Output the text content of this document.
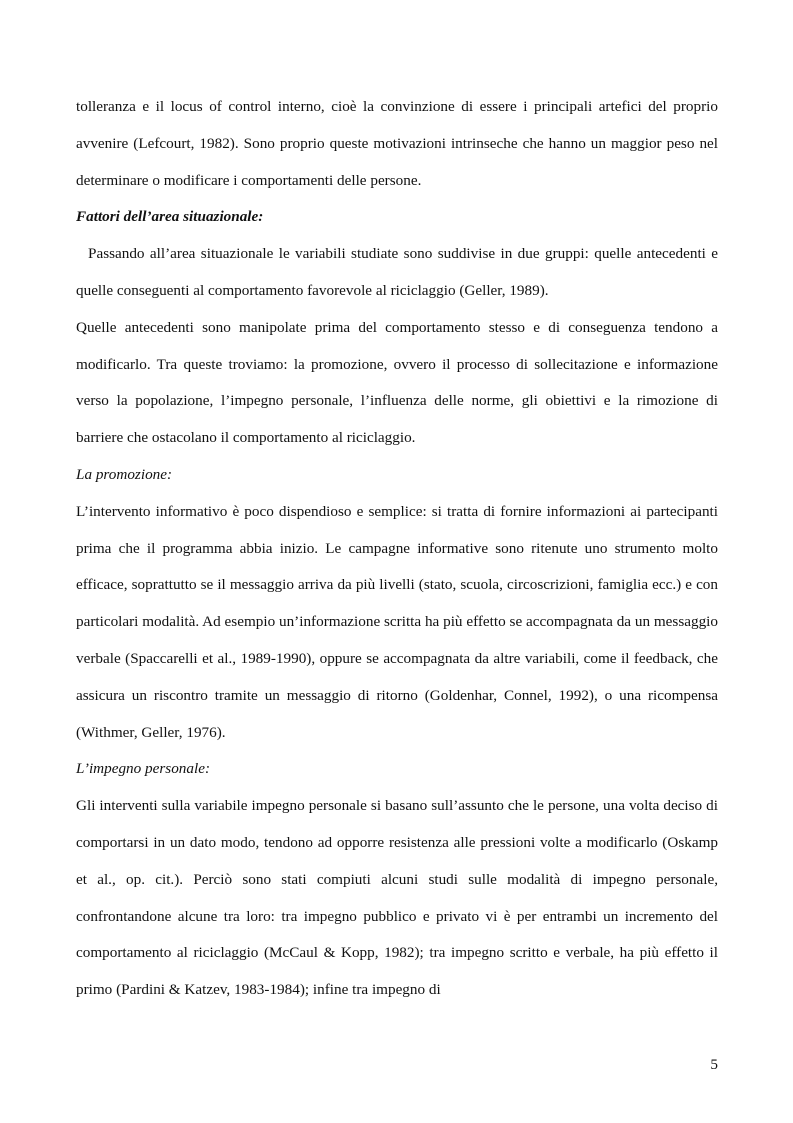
tolleranza e il locus of control interno, cioè la convinzione di essere i principali artefici del proprio avvenire (Lefcourt, 1982). Sono proprio queste motivazioni intrinseche che hanno un maggior peso nel determinare o modificare i comportamenti delle persone.

Fattori dell’area situazionale:

Passando all’area situazionale le variabili studiate sono suddivise in due gruppi: quelle antecedenti e quelle conseguenti al comportamento favorevole al riciclaggio (Geller, 1989).

Quelle antecedenti sono manipolate prima del comportamento stesso e di conseguenza tendono a modificarlo. Tra queste troviamo: la promozione, ovvero il processo di sollecitazione e informazione verso la popolazione, l’impegno personale, l’influenza delle norme, gli obiettivi e la rimozione di barriere che ostacolano il comportamento al riciclaggio.

La promozione:

L’intervento informativo è poco dispendioso e semplice: si tratta di fornire informazioni ai partecipanti prima che il programma abbia inizio. Le campagne informative sono ritenute uno strumento molto efficace, soprattutto se il messaggio arriva da più livelli (stato, scuola, circoscrizioni, famiglia ecc.) e con particolari modalità. Ad esempio un’informazione scritta ha più effetto se accompagnata da un messaggio verbale (Spaccarelli et al., 1989-1990), oppure se accompagnata da altre variabili, come il feedback, che assicura un riscontro tramite un messaggio di ritorno (Goldenhar, Connel, 1992), o una ricompensa (Withmer, Geller, 1976).

L’impegno personale:

Gli interventi sulla variabile impegno personale si basano sull’assunto che le persone, una volta deciso di comportarsi in un dato modo, tendono ad opporre resistenza alle pressioni volte a modificarlo (Oskamp et al., op. cit.). Perciò sono stati compiuti alcuni studi sulle modalità di impegno personale, confrontandone alcune tra loro: tra impegno pubblico e privato vi è per entrambi un incremento del comportamento al riciclaggio (McCaul & Kopp, 1982); tra impegno scritto e verbale, ha più effetto il primo (Pardini & Katzev, 1983-1984); infine tra impegno di

5
